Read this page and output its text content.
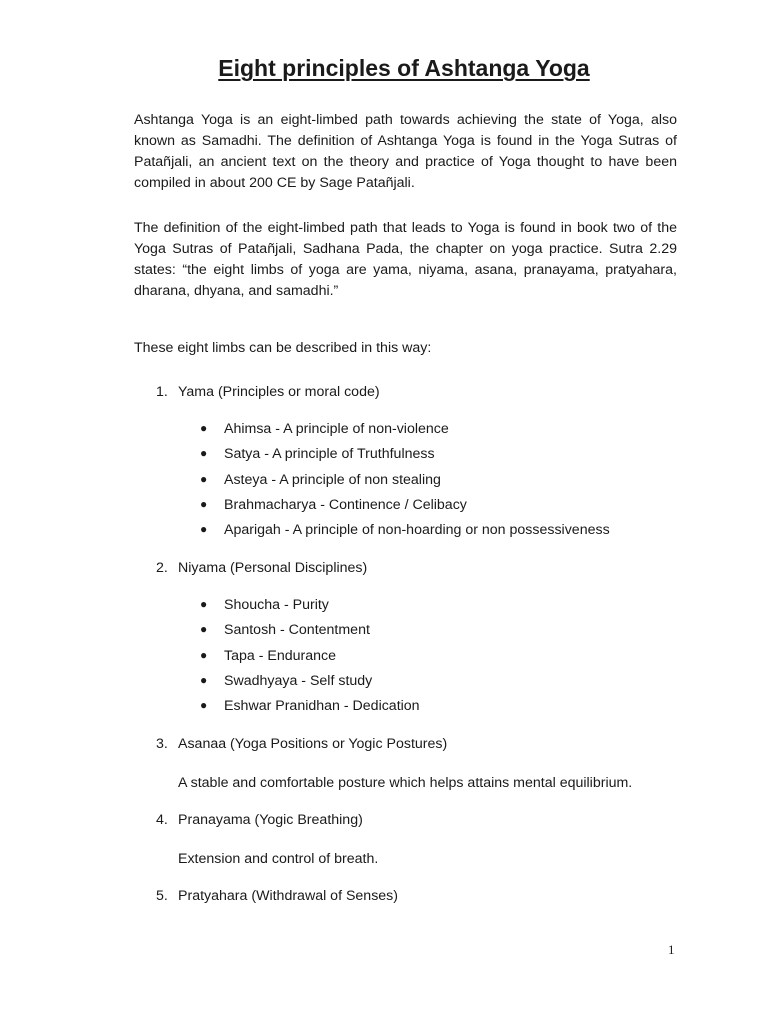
Eight principles of Ashtanga Yoga

Ashtanga Yoga is an eight-limbed path towards achieving the state of Yoga, also known as Samadhi. The definition of Ashtanga Yoga is found in the Yoga Sutras of Patañjali, an ancient text on the theory and practice of Yoga thought to have been compiled in about 200 CE by Sage Patañjali.

The definition of the eight-limbed path that leads to Yoga is found in book two of the Yoga Sutras of Patañjali, Sadhana Pada, the chapter on yoga practice. Sutra 2.29 states: “the eight limbs of yoga are yama, niyama, asana, pranayama, pratyahara, dharana, dhyana, and samadhi.”

These eight limbs can be described in this way:

1. Yama (Principles or moral code)

● Ahimsa - A principle of non-violence
● Satya - A principle of Truthfulness
● Asteya - A principle of non stealing
● Brahmacharya - Continence / Celibacy
● Aparigah - A principle of non-hoarding or non possessiveness

2. Niyama (Personal Disciplines)

● Shoucha - Purity
● Santosh - Contentment
● Tapa - Endurance
● Swadhyaya - Self study
● Eshwar Pranidhan - Dedication

3. Asanaa (Yoga Positions or Yogic Postures)

A stable and comfortable posture which helps attains mental equilibrium.

4. Pranayama (Yogic Breathing)

Extension and control of breath.

5. Pratyahara (Withdrawal of Senses)

1
